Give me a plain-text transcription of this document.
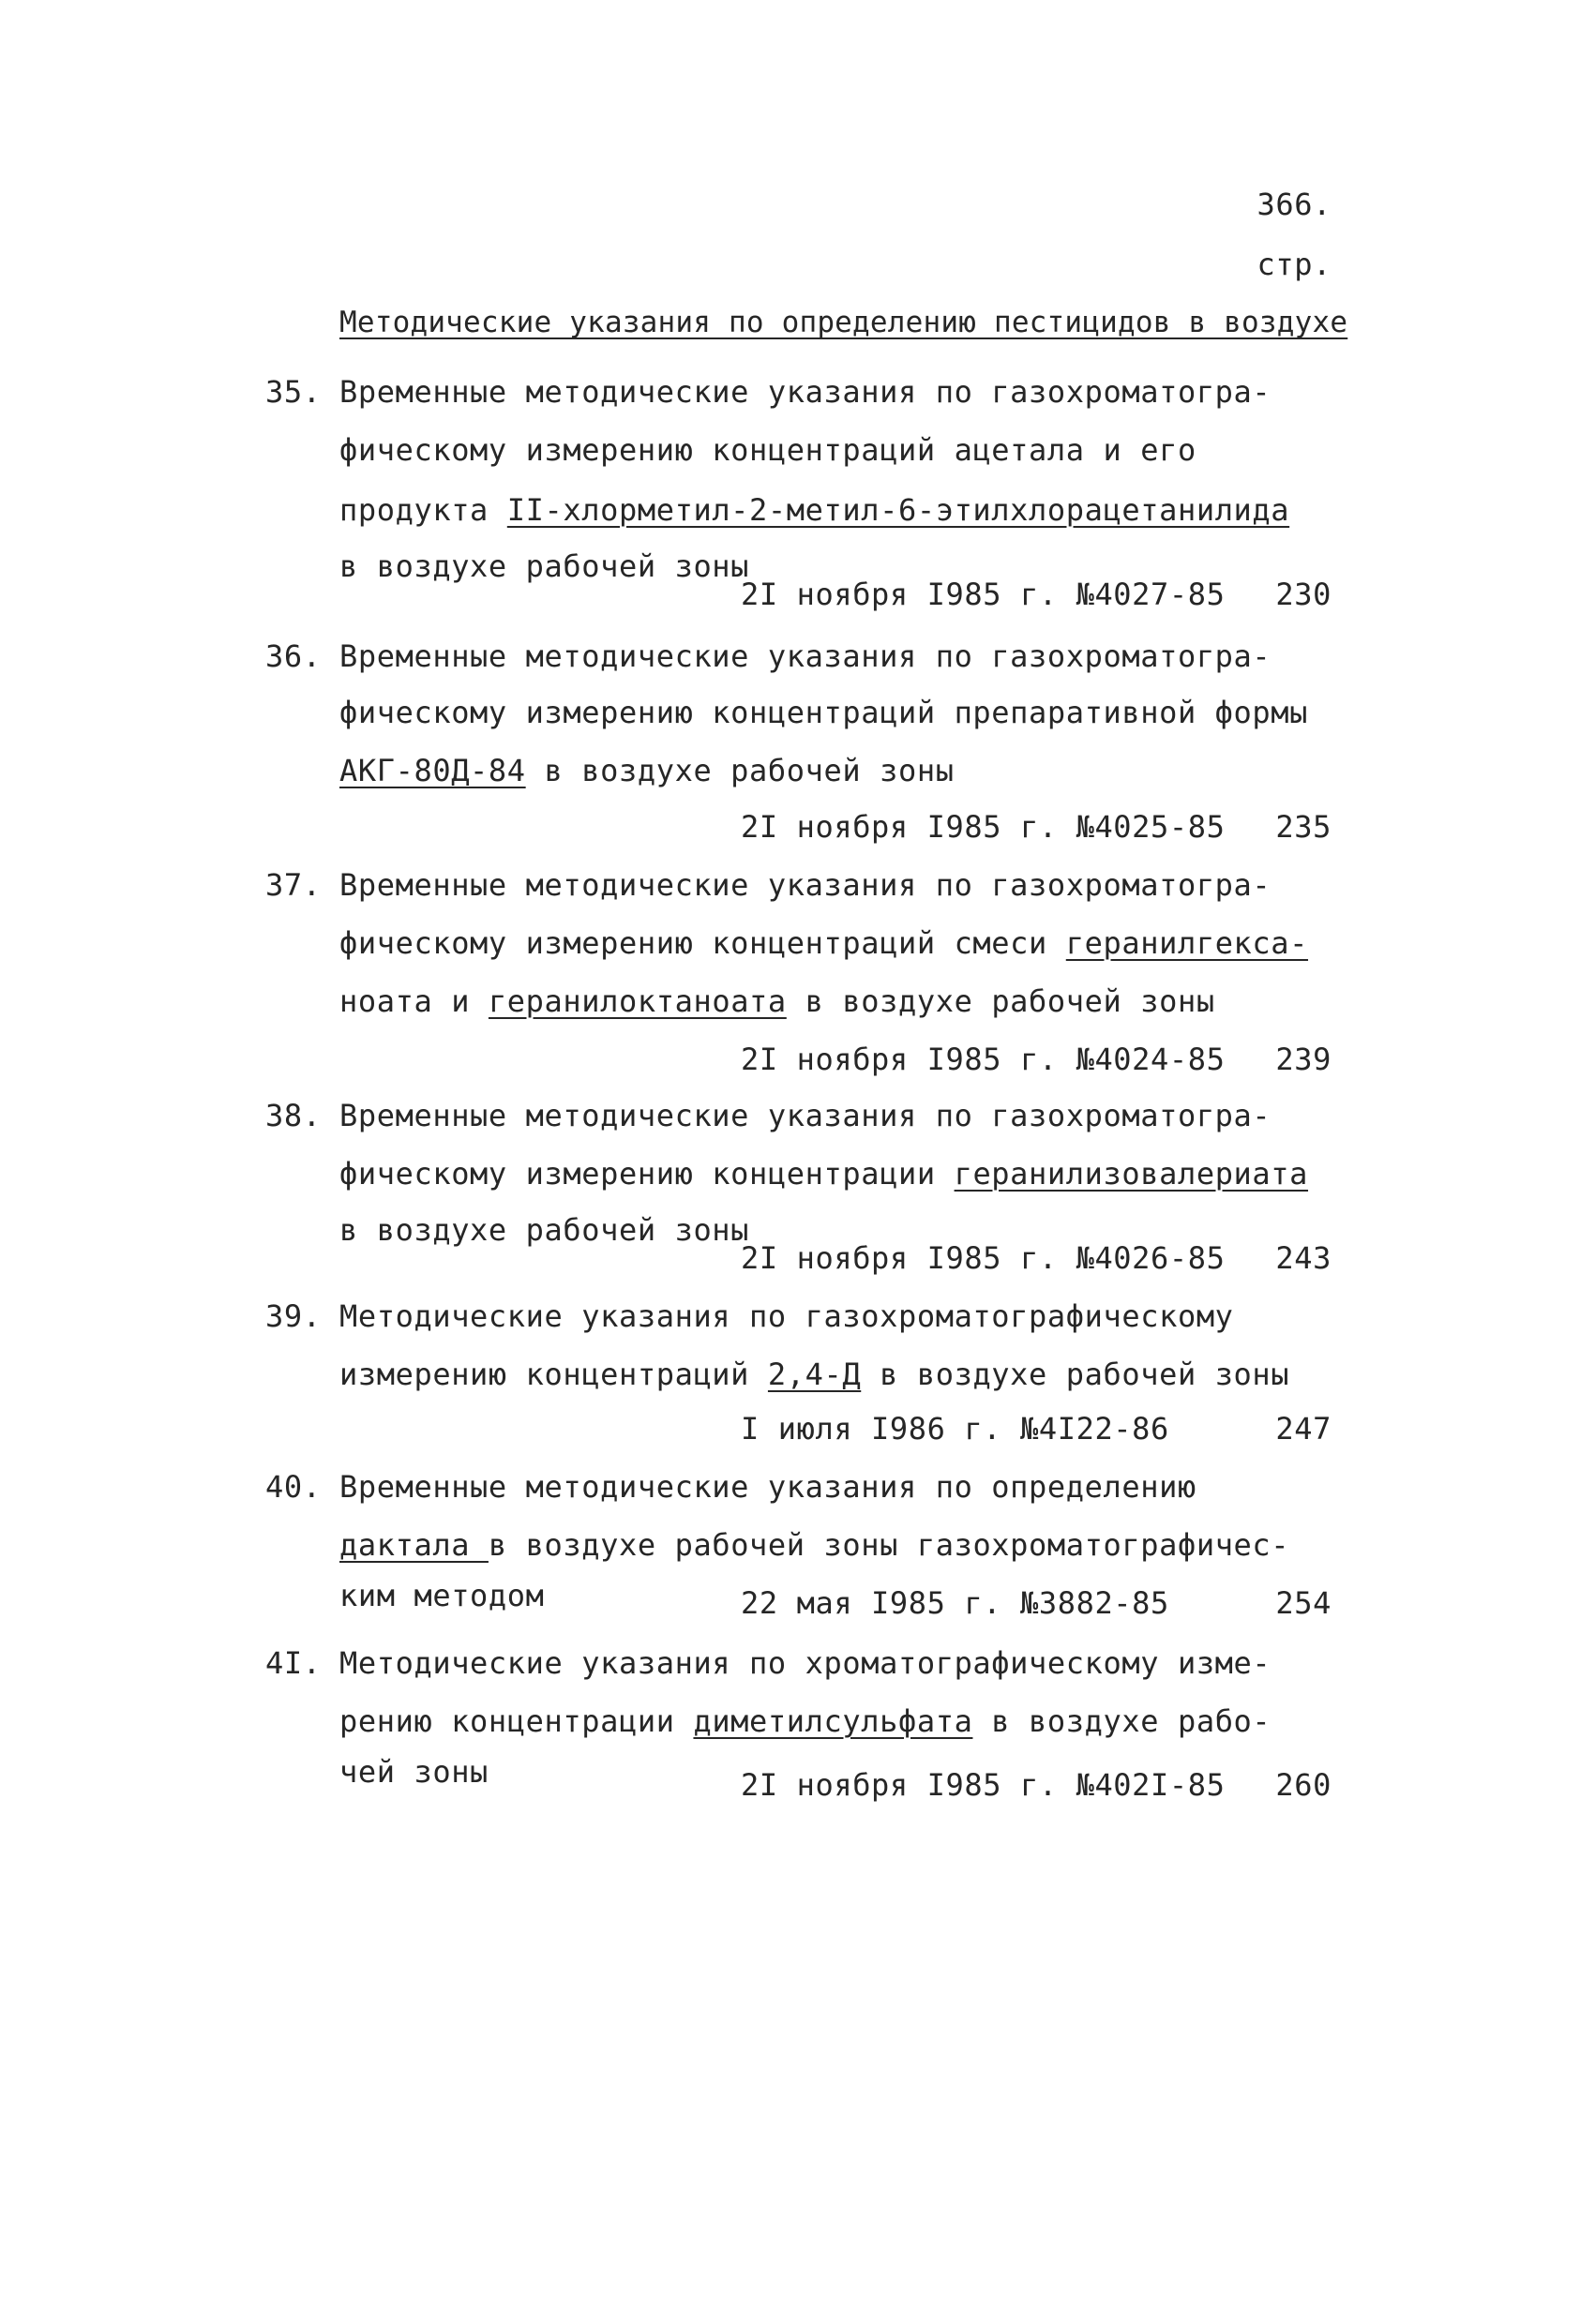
366.
стр.
Методические указания по определению пестицидов в воздухе
35. Временные методические указания по газохроматогра-
фическому измерению концентраций ацетала и его
продукта II-хлорметил-2-метил-6-этилхлорацетанилида
в воздухе рабочей зоны
2I ноября I985 г. №4027-85	230
36. Временные методические указания по газохроматогра-
фическому измерению концентраций препаративной формы
АКГ-80Д-84 в воздухе рабочей зоны
2I ноября I985 г. №4025-85	235
37. Временные методические указания по газохроматогра-
фическому измерению концентраций смеси геранилгекса-
ноата и геранилоктаноата в воздухе рабочей зоны
2I ноября I985 г. №4024-85	239
38. Временные методические указания по газохроматогра-
фическому измерению концентрации геранилизовалериата
в воздухе рабочей зоны
2I ноября I985 г. №4026-85	243
39. Методические указания по газохроматографическому
измерению концентраций 2,4-Д в воздухе рабочей зоны
I июля I986 г. №4I22-86	247
40. Временные методические указания по определению
дактала в воздухе рабочей зоны газохроматографичес-
ким методом	22 мая I985 г. №3882-85	254
4I. Методические указания по хроматографическому изме-
рению концентрации диметилсульфата в воздухе рабо-
чей зоны	2I ноября I985 г. №402I-85	260
